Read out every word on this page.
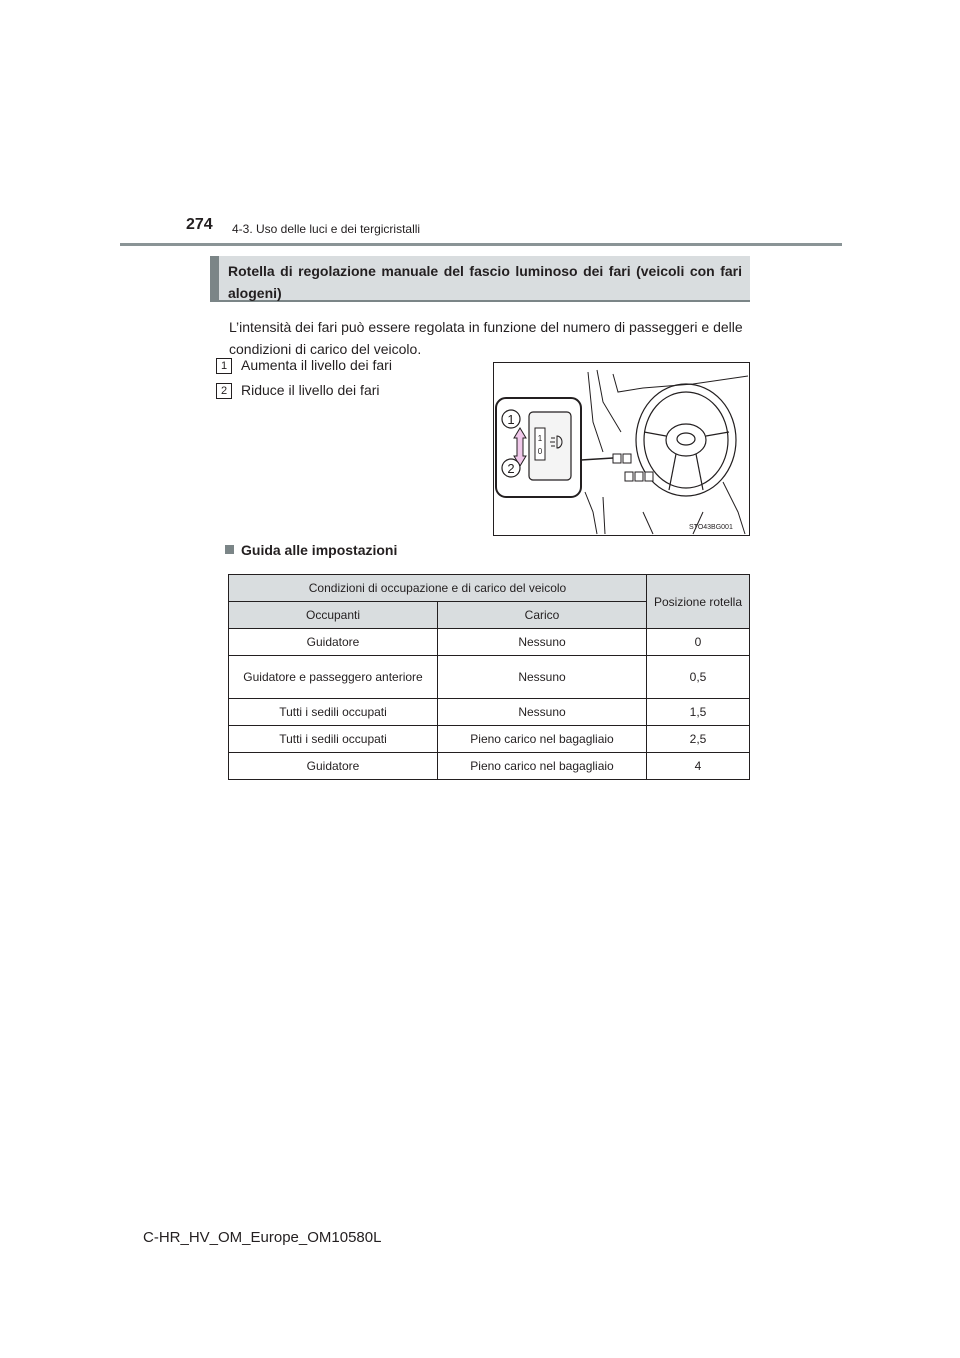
274 4-3. Uso delle luci e dei tergicristalli
Rotella di regolazione manuale del fascio luminoso dei fari (veicoli con fari alogeni)
L’intensità dei fari può essere regolata in funzione del numero di passeggeri e delle condizioni di carico del veicolo.
1 Aumenta il livello dei fari
2 Riduce il livello dei fari
1
0
1
2
STO43BG001
Guida alle impostazioni
Condizioni di occupazione e di carico del veicolo		Posizione rotella
Occupanti	Carico	
Guidatore	Nessuno	0
Guidatore e passeggero anteriore	Nessuno	0,5
Tutti i sedili occupati	Nessuno	1,5
Tutti i sedili occupati	Pieno carico nel bagagliaio	2,5
Guidatore	Pieno carico nel bagagliaio	4
C-HR_HV_OM_Europe_OM10580L
